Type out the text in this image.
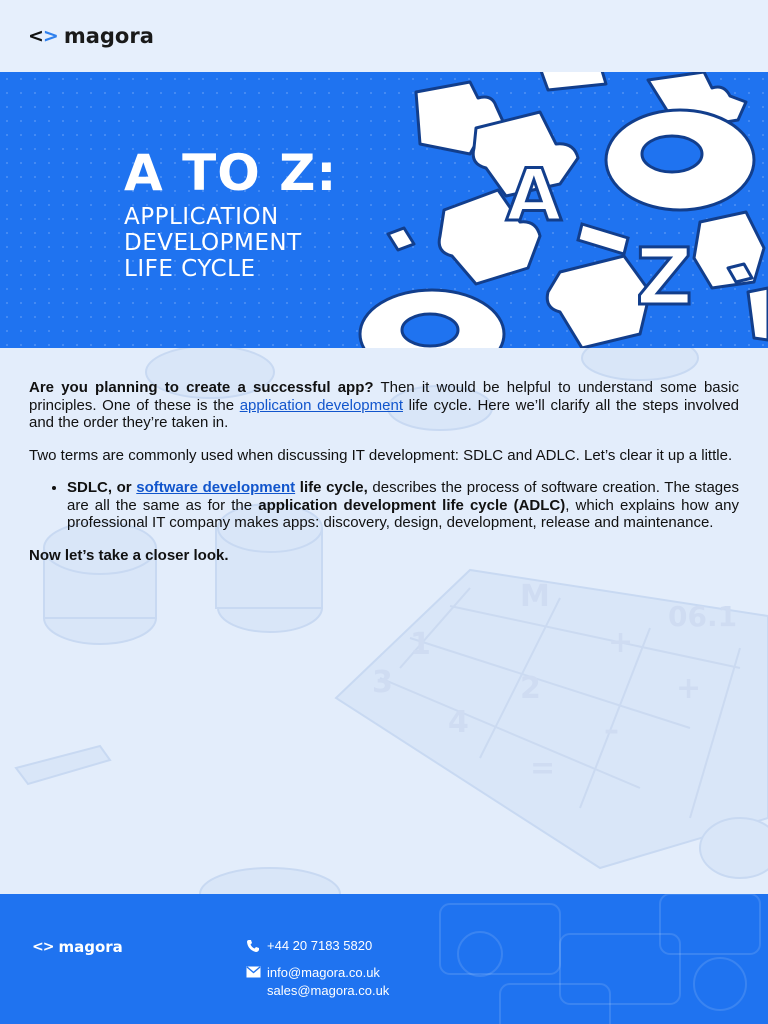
<> magora
A
Z
A TO Z:
APPLICATION
DEVELOPMENT
LIFE CYCLE
M
+
1
2	+
3
4	–
=
06.1

Are you planning to create a successful app? Then it would be helpful to understand some basic principles. One of these is the application development life cycle. Here we’ll clarify all the steps involved and the order they’re taken in.

Two terms are commonly used when discussing IT development: SDLC and ADLC. Let’s clear it up a little.

• SDLC, or software development life cycle, describes the process of software creation. The stages are all the same as for the application development life cycle (ADLC), which explains how any professional IT company makes apps: discovery, design, development, release and maintenance.

Now let’s take a closer look.

<> magora	+44 20 7183 5820
info@magora.co.uk
sales@magora.co.uk
